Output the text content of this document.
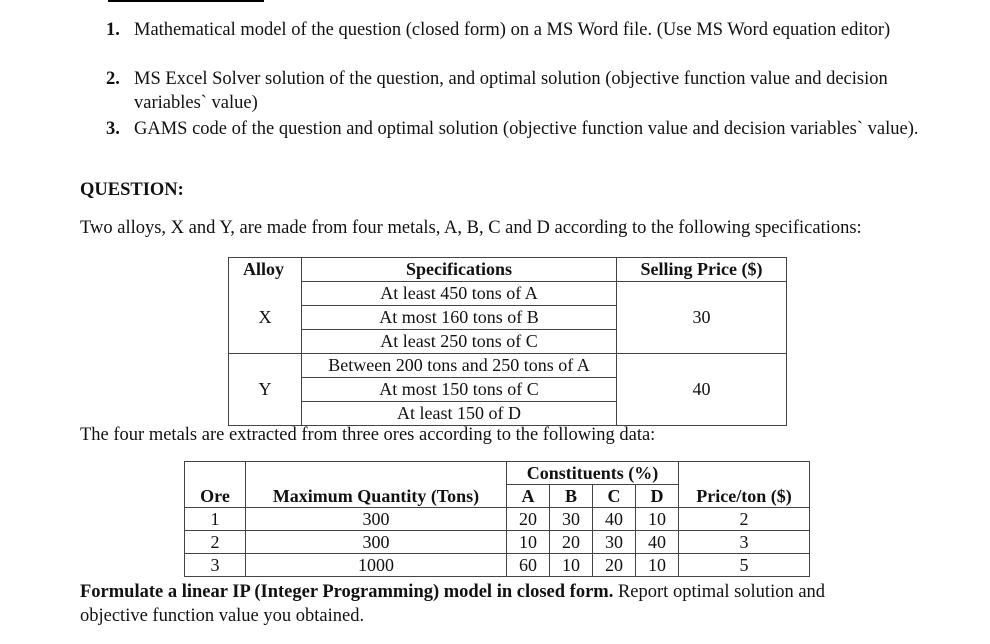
1. Mathematical model of the question (closed form) on a MS Word file. (Use MS Word equation editor)
2. MS Excel Solver solution of the question, and optimal solution (objective function value and decision variables` value)
3. GAMS code of the question and optimal solution (objective function value and decision variables` value).
QUESTION:
Two alloys, X and Y, are made from four metals, A, B, C and D according to the following specifications:
Alloy	Specifications	Selling Price ($)
	At least 450 tons of A	
X	At most 160 tons of B	30
	At least 250 tons of C	
	Between 200 tons and 250 tons of A	
Y	At most 150 tons of C	40
	At least 150 of D	
The four metals are extracted from three ores according to the following data:
		Constituents (%)				
Ore	Maximum Quantity (Tons)	A	B	C	D	Price/ton ($)
1	300	20	30	40	10	2
2	300	10	20	30	40	3
3	1000	60	10	20	10	5
Formulate a linear IP (Integer Programming) model in closed form. Report optimal solution and
objective function value you obtained.
